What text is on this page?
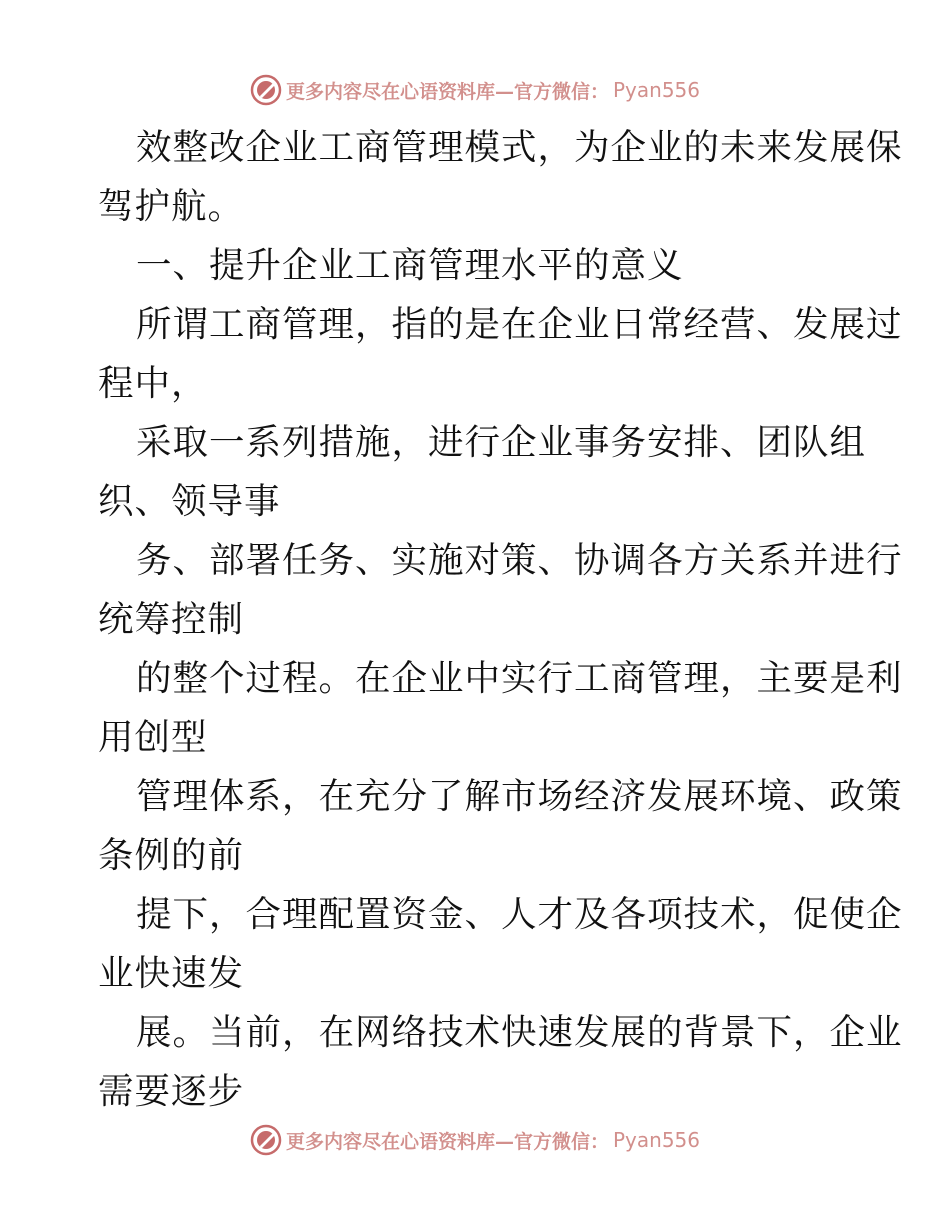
更多内容尽在心语资料库—官方微信： Pyan556
效整改企业工商管理模式，为企业的未来发展保
驾护航。
一、提升企业工商管理水平的意义
所谓工商管理，指的是在企业日常经营、发展过
程中，
采取一系列措施，进行企业事务安排、团队组
织、领导事
务、部署任务、实施对策、协调各方关系并进行
统筹控制
的整个过程。在企业中实行工商管理，主要是利
用创型
管理体系，在充分了解市场经济发展环境、政策
条例的前
提下，合理配置资金、人才及各项技术，促使企
业快速发
展。当前，在网络技术快速发展的背景下，企业
需要逐步
更多内容尽在心语资料库—官方微信： Pyan556
